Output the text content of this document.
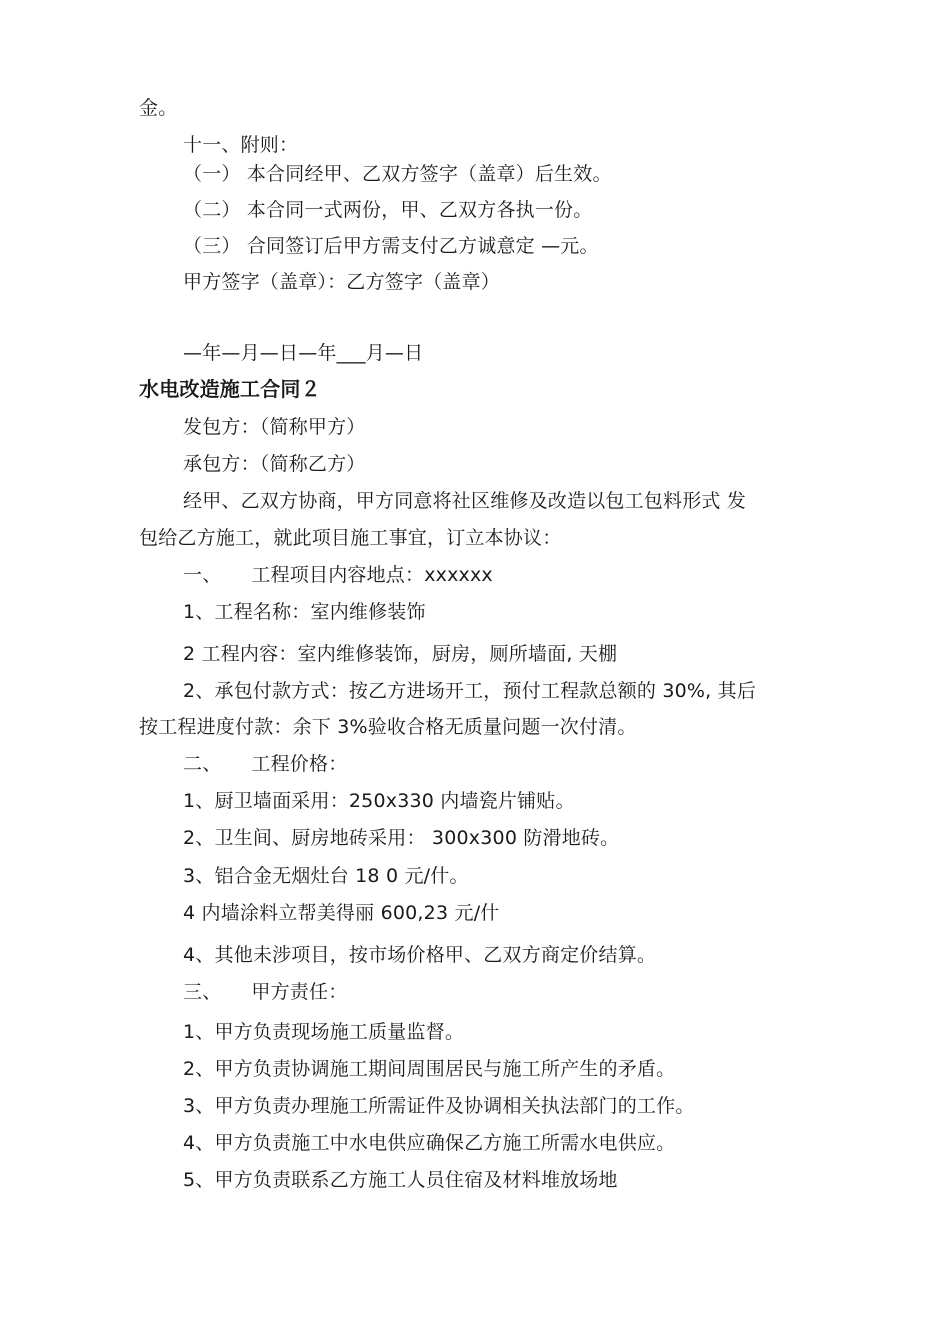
金。
十一、附则：
（一） 本合同经甲、乙双方签字（盖章）后生效。
（二） 本合同一式两份，甲、乙双方各执一份。
（三） 合同签订后甲方需支付乙方诚意定 —元。
甲方签字（盖章）：乙方签字（盖章）
—年—月—日—年___月—日
水电改造施工合同２
发包方：（简称甲方）
承包方：（简称乙方）
经甲、乙双方协商，甲方同意将社区维修及改造以包工包料形式 发
包给乙方施工，就此项目施工事宜，订立本协议：
一、 工程项目内容地点：xxxxxx
1、工程名称：室内维修装饰
2 工程内容：室内维修装饰，厨房，厕所墙面, 天棚
2、承包付款方式：按乙方进场开工，预付工程款总额的 30%, 其后
按工程进度付款：余下 3%验收合格无质量问题一次付清。
二、 工程价格：
1、厨卫墙面采用：250x330 内墙瓷片铺贴。
2、卫生间、厨房地砖采用： 300x300 防滑地砖。
3、铝合金无烟灶台 18 0 元/什。
4 内墙涂料立帮美得丽 600,23 元/什
4、其他未涉项目，按市场价格甲、乙双方商定价结算。
三、 甲方责任：
1、甲方负责现场施工质量监督。
2、甲方负责协调施工期间周围居民与施工所产生的矛盾。
3、甲方负责办理施工所需证件及协调相关执法部门的工作。
4、甲方负责施工中水电供应确保乙方施工所需水电供应。
5、甲方负责联系乙方施工人员住宿及材料堆放场地
